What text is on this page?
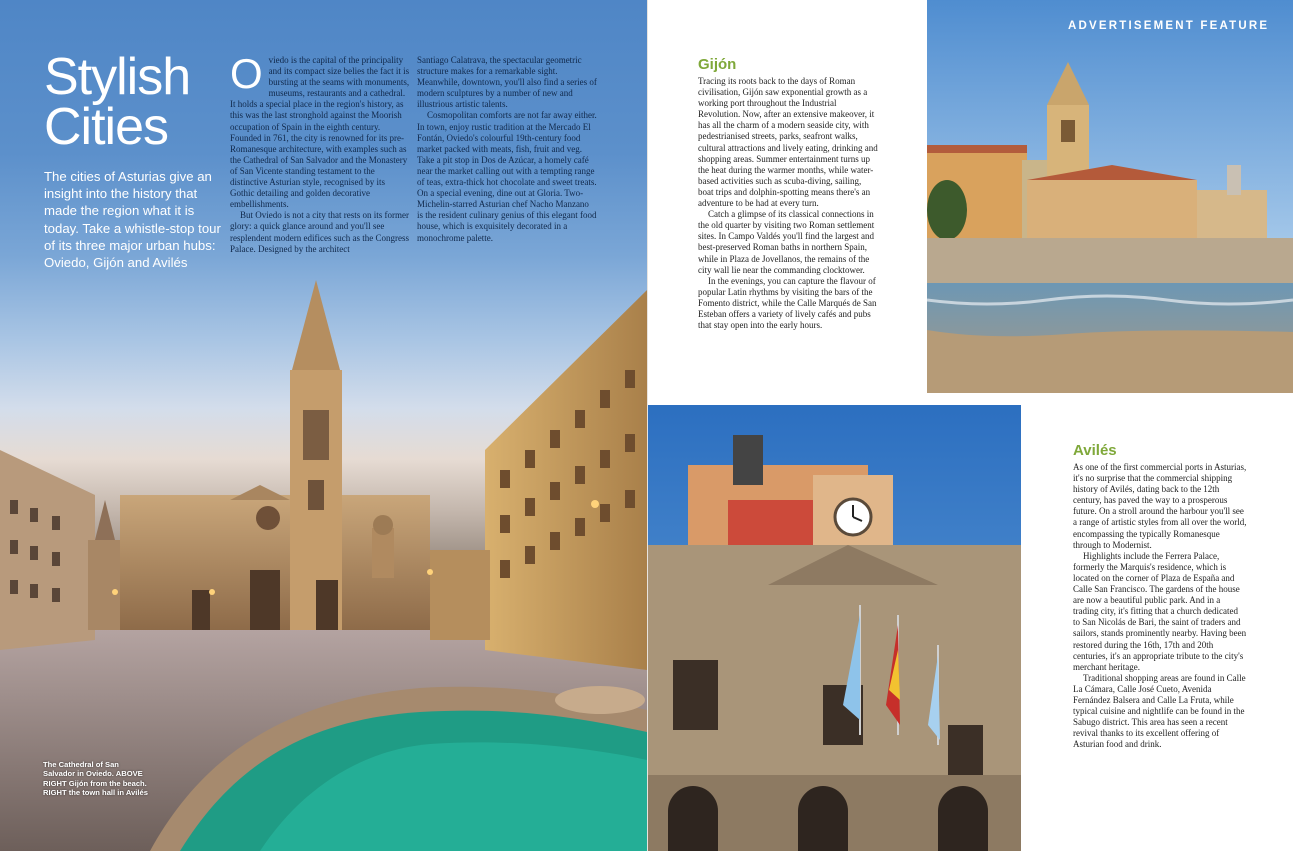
Stylish
Cities

The cities of Asturias give an insight into the history that made the region what it is today. Take a whistle-stop tour of its three major urban hubs: Oviedo, Gijón and Avilés

Oviedo is the capital of the principality and its compact size belies the fact it is bursting at the seams with monuments, museums, restaurants and a cathedral. It holds a special place in the region's history, as this was the last stronghold against the Moorish occupation of Spain in the eighth century. Founded in 761, the city is renowned for its pre-Romanesque architecture, with examples such as the Cathedral of San Salvador and the Monastery of San Vicente standing testament to the distinctive Asturian style, recognised by its Gothic detailing and golden decorative embellishments.

But Oviedo is not a city that rests on its former glory: a quick glance around and you'll see resplendent modern edifices such as the Congress Palace. Designed by the architect

Santiago Calatrava, the spectacular geometric structure makes for a remarkable sight. Meanwhile, downtown, you'll also find a series of modern sculptures by a number of new and illustrious artistic talents.

Cosmopolitan comforts are not far away either. In town, enjoy rustic tradition at the Mercado El Fontán, Oviedo's colourful 19th-century food market packed with meats, fish, fruit and veg. Take a pit stop in Dos de Azúcar, a homely café near the market calling out with a tempting range of teas, extra-thick hot chocolate and sweet treats. On a special evening, dine out at Gloria. Two-Michelin-starred Asturian chef Nacho Manzano is the resident culinary genius of this elegant food house, which is exquisitely decorated in a monochrome palette.

The Cathedral of San Salvador in Oviedo. ABOVE RIGHT Gijón from the beach. RIGHT the town hall in Avilés

Gijón

Tracing its roots back to the days of Roman civilisation, Gijón saw exponential growth as a working port throughout the Industrial Revolution. Now, after an extensive makeover, it has all the charm of a modern seaside city, with pedestrianised streets, parks, seafront walks, cultural attractions and lively eating, drinking and shopping areas. Summer entertainment turns up the heat during the warmer months, while water-based activities such as scuba-diving, sailing, boat trips and dolphin-spotting means there's an adventure to be had at every turn.

Catch a glimpse of its classical connections in the old quarter by visiting two Roman settlement sites. In Campo Valdés you'll find the largest and best-preserved Roman baths in northern Spain, while in Plaza de Jovellanos, the remains of the city wall lie near the commanding clocktower.

In the evenings, you can capture the flavour of popular Latin rhythms by visiting the bars of the Fomento district, while the Calle Marqués de San Esteban offers a variety of lively cafés and pubs that stay open into the early hours.

ADVERTISEMENT FEATURE
Avilés

As one of the first commercial ports in Asturias, it's no surprise that the commercial shipping history of Avilés, dating back to the 12th century, has paved the way to a prosperous future. On a stroll around the harbour you'll see a range of artistic styles from all over the world, encompassing the typically Romanesque through to Modernist.

Highlights include the Ferrera Palace, formerly the Marquis's residence, which is located on the corner of Plaza de España and Calle San Francisco. The gardens of the house are now a beautiful public park. And in a trading city, it's fitting that a church dedicated to San Nicolás de Bari, the saint of traders and sailors, stands prominently nearby. Having been restored during the 16th, 17th and 20th centuries, it's an appropriate tribute to the city's merchant heritage.

Traditional shopping areas are found in Calle La Cámara, Calle José Cueto, Avenida Fernández Balsera and Calle La Fruta, while typical cuisine and nightlife can be found in the Sabugo district. This area has seen a recent revival thanks to its excellent offering of Asturian food and drink.
